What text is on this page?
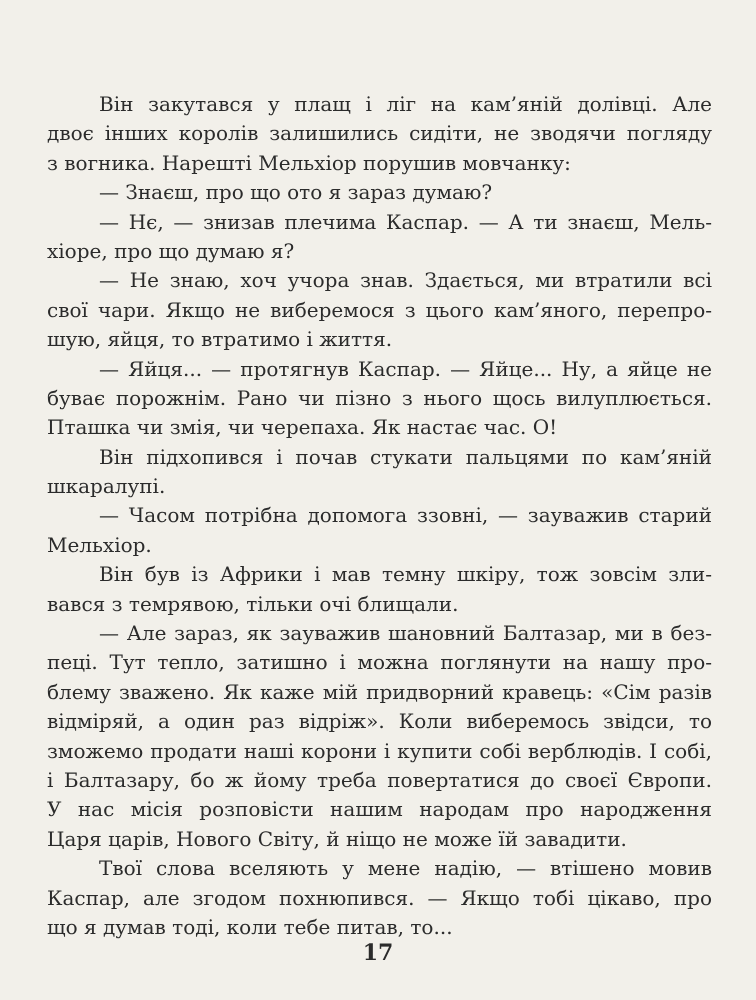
Він закутався у плащ і ліг на кам’яній долівці. Але
двоє інших королів залишились сидіти, не зводячи погляду
з вогника. Нарешті Мельхіор порушив мовчанку:
— Знаєш, про що ото я зараз думаю?
— Нє, — знизав плечима Каспар. — А ти знаєш, Мель-
хіоре, про що думаю я?
— Не знаю, хоч учора знав. Здається, ми втратили всі
свої чари. Якщо не виберемося з цього кам’яного, перепро-
шую, яйця, то втратимо і життя.
— Яйця... — протягнув Каспар. — Яйце... Ну, а яйце не
буває порожнім. Рано чи пізно з нього щось вилуплюється.
Пташка чи змія, чи черепаха. Як настає час. О!
Він підхопився і почав стукати пальцями по кам’яній
шкаралупі.
— Часом потрібна допомога ззовні, — зауважив старий
Мельхіор.
Він був із Африки і мав темну шкіру, тож зовсім зли-
вався з темрявою, тільки очі блищали.
— Але зараз, як зауважив шановний Балтазар, ми в без-
пеці. Тут тепло, затишно і можна поглянути на нашу про-
блему зважено. Як каже мій придворний кравець: «Сім разів
відміряй, а один раз відріж». Коли виберемось звідси, то
зможемо продати наші корони і купити собі верблюдів. І собі,
і Балтазару, бо ж йому треба повертатися до своєї Європи.
У нас місія розповісти нашим народам про народження
Царя царів, Нового Світу, й ніщо не може їй завадити.
Твої слова вселяють у мене надію, — втішено мовив
Каспар, але згодом похнюпився. — Якщо тобі цікаво, про
що я думав тоді, коли тебе питав, то...
17
